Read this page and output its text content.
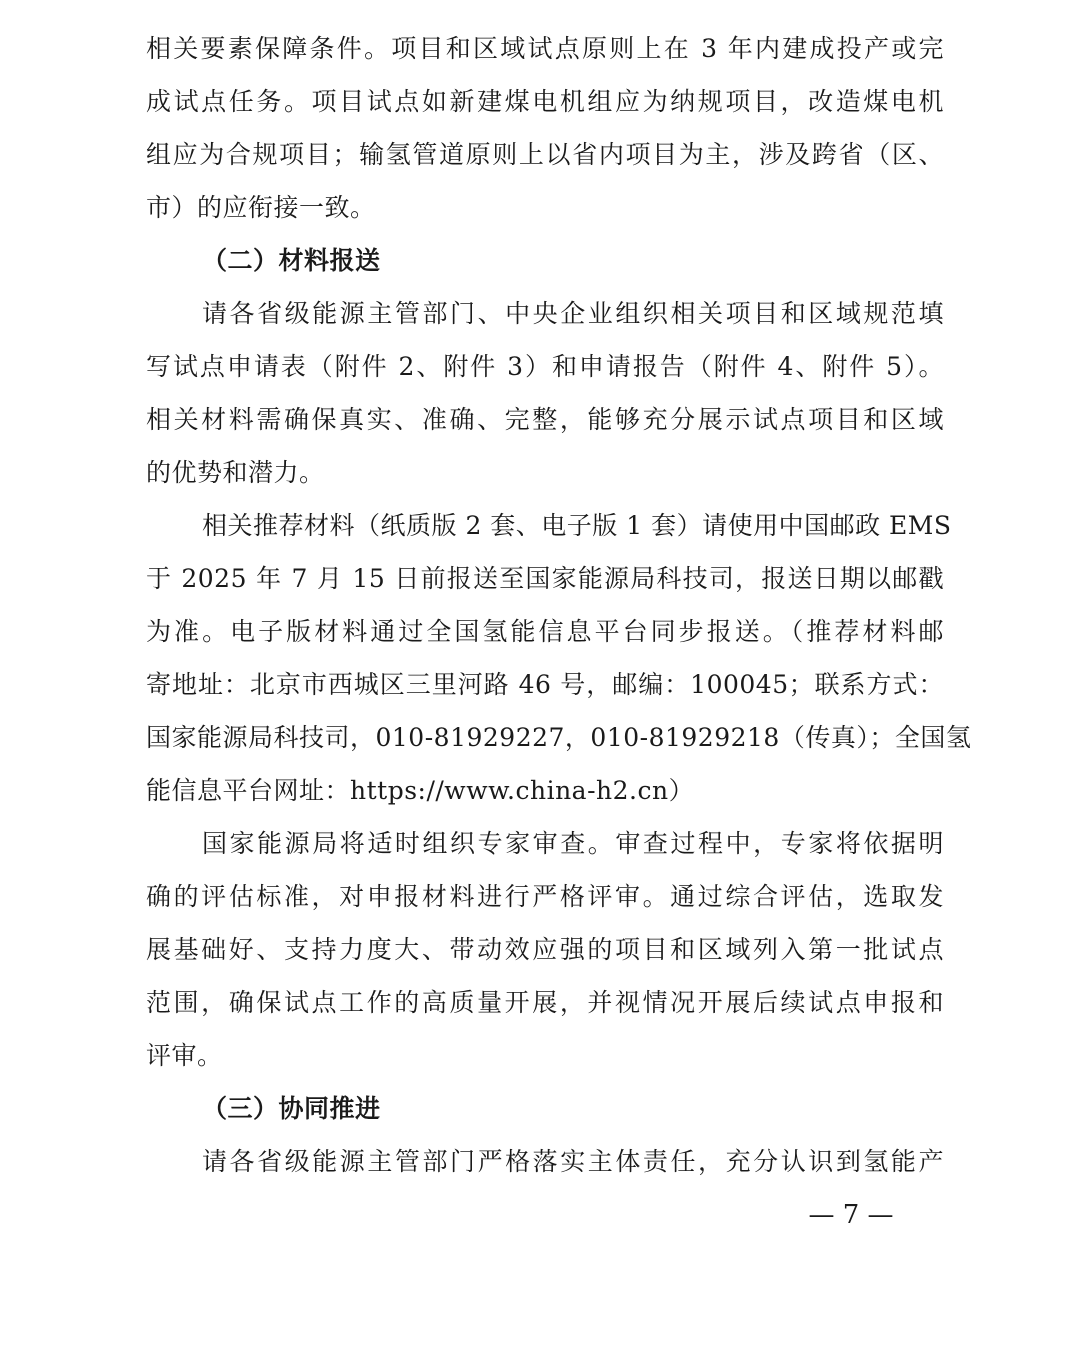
相关要素保障条件。项目和区域试点原则上在 3 年内建成投产或完
成试点任务。项目试点如新建煤电机组应为纳规项目，改造煤电机
组应为合规项目；输氢管道原则上以省内项目为主，涉及跨省（区、
市）的应衔接一致。
（二）材料报送
请各省级能源主管部门、中央企业组织相关项目和区域规范填
写试点申请表（附件 2、附件 3）和申请报告（附件 4、附件 5）。
相关材料需确保真实、准确、完整，能够充分展示试点项目和区域
的优势和潜力。
相关推荐材料（纸质版 2 套、电子版 1 套）请使用中国邮政 EMS
于 2025 年 7 月 15 日前报送至国家能源局科技司，报送日期以邮戳
为准。电子版材料通过全国氢能信息平台同步报送。（推荐材料邮
寄地址：北京市西城区三里河路 46 号，邮编：100045；联系方式：
国家能源局科技司，010-81929227，010-81929218（传真）；全国氢
能信息平台网址：https://www.china-h2.cn）
国家能源局将适时组织专家审查。审查过程中，专家将依据明
确的评估标准，对申报材料进行严格评审。通过综合评估，选取发
展基础好、支持力度大、带动效应强的项目和区域列入第一批试点
范围，确保试点工作的高质量开展，并视情况开展后续试点申报和
评审。
（三）协同推进
请各省级能源主管部门严格落实主体责任，充分认识到氢能产
— 7 —
